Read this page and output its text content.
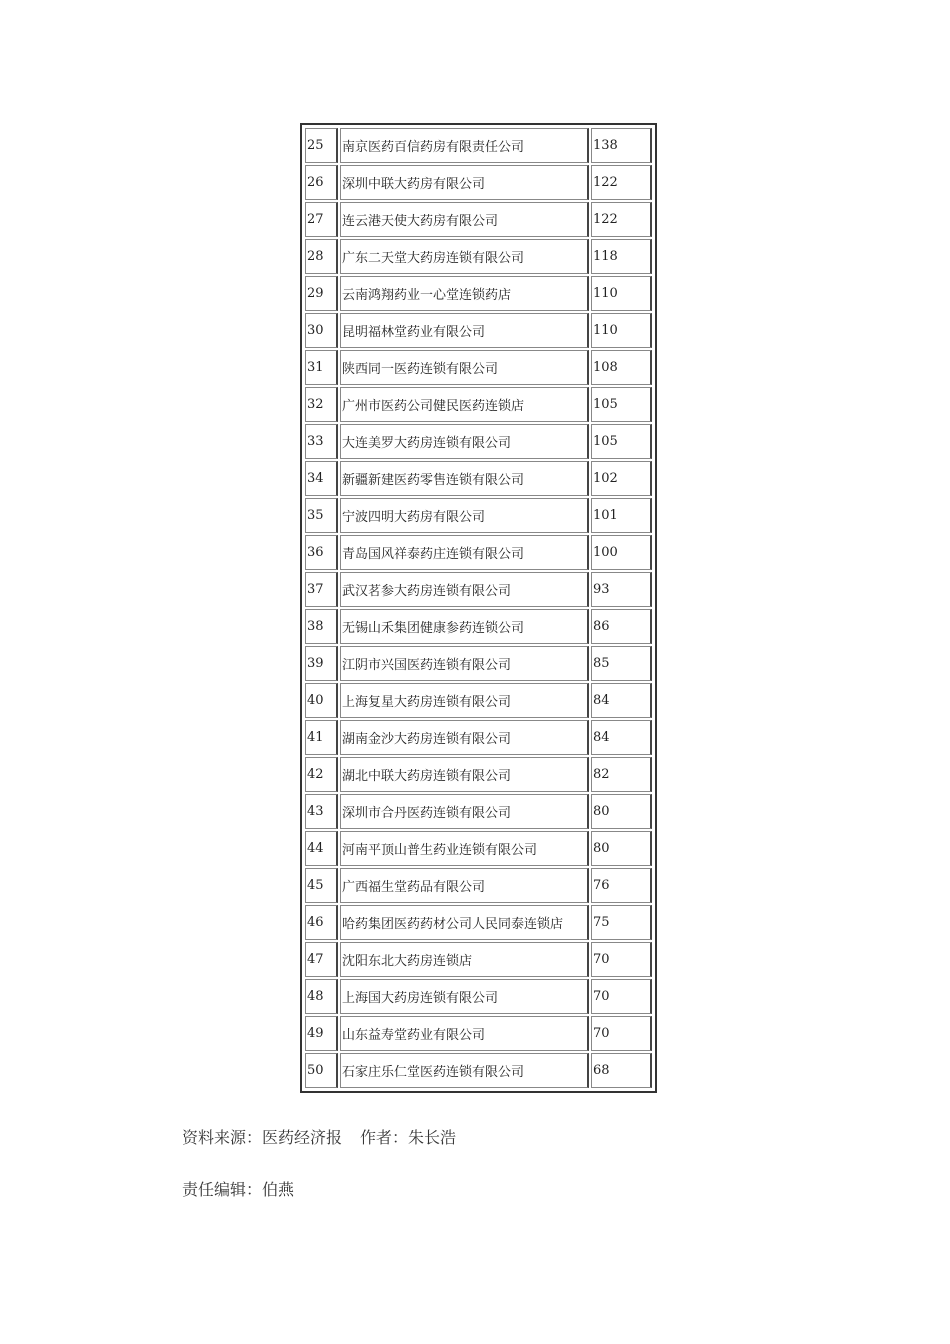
25	南京医药百信药房有限责任公司	138
26	深圳中联大药房有限公司	122
27	连云港天使大药房有限公司	122
28	广东二天堂大药房连锁有限公司	118
29	云南鸿翔药业一心堂连锁药店	110
30	昆明福林堂药业有限公司	110
31	陕西同一医药连锁有限公司	108
32	广州市医药公司健民医药连锁店	105
33	大连美罗大药房连锁有限公司	105
34	新疆新建医药零售连锁有限公司	102
35	宁波四明大药房有限公司	101
36	青岛国风祥泰药庄连锁有限公司	100
37	武汉茗参大药房连锁有限公司	93
38	无锡山禾集团健康参药连锁公司	86
39	江阴市兴国医药连锁有限公司	85
40	上海复星大药房连锁有限公司	84
41	湖南金沙大药房连锁有限公司	84
42	湖北中联大药房连锁有限公司	82
43	深圳市合丹医药连锁有限公司	80
44	河南平顶山普生药业连锁有限公司	80
45	广西福生堂药品有限公司	76
46	哈药集团医药药材公司人民同泰连锁店	75
47	沈阳东北大药房连锁店	70
48	上海国大药房连锁有限公司	70
49	山东益寿堂药业有限公司	70
50	石家庄乐仁堂医药连锁有限公司	68
资料来源：医药经济报 作者：朱长浩
责任编辑：伯燕
